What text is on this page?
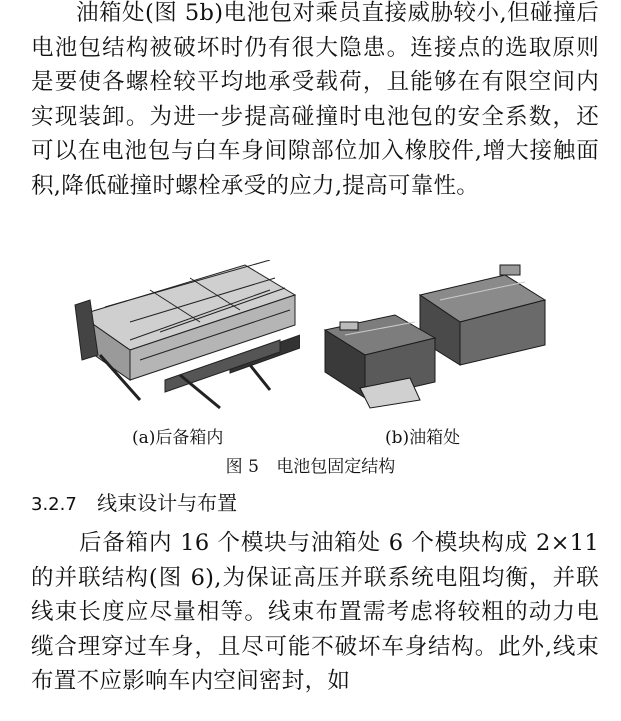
油箱处(图 5b)电池包对乘员直接威胁较小,但碰撞后电池包结构被破坏时仍有很大隐患。连接点的选取原则是要使各螺栓较平均地承受载荷，且能够在有限空间内实现装卸。为进一步提高碰撞时电池包的安全系数，还可以在电池包与白车身间隙部位加入橡胶件,增大接触面积,降低碰撞时螺栓承受的应力,提高可靠性。

(a)后备箱内	(b)油箱处
图 5 电池包固定结构
3.2.7 线束设计与布置

后备箱内 16 个模块与油箱处 6 个模块构成 2×11 的并联结构(图 6),为保证高压并联系统电阻均衡，并联线束长度应尽量相等。线束布置需考虑将较粗的动力电缆合理穿过车身，且尽可能不破坏车身结构。此外,线束布置不应影响车内空间密封，如
